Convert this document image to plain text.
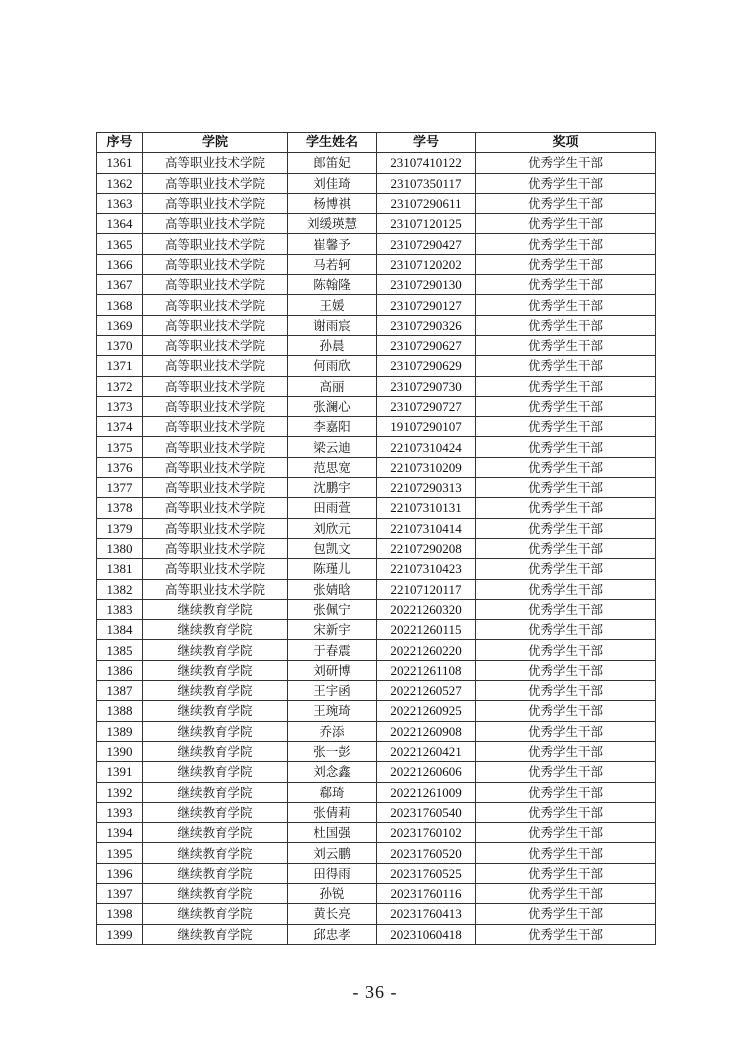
序号	学院	学生姓名	学号	奖项
1361	高等职业技术学院	郎笛妃	23107410122	优秀学生干部
1362	高等职业技术学院	刘佳琦	23107350117	优秀学生干部
1363	高等职业技术学院	杨博祺	23107290611	优秀学生干部
1364	高等职业技术学院	刘缓瑛慧	23107120125	优秀学生干部
1365	高等职业技术学院	崔馨予	23107290427	优秀学生干部
1366	高等职业技术学院	马若轲	23107120202	优秀学生干部
1367	高等职业技术学院	陈翰隆	23107290130	优秀学生干部
1368	高等职业技术学院	王媛	23107290127	优秀学生干部
1369	高等职业技术学院	谢雨宸	23107290326	优秀学生干部
1370	高等职业技术学院	孙晨	23107290627	优秀学生干部
1371	高等职业技术学院	何雨欣	23107290629	优秀学生干部
1372	高等职业技术学院	高丽	23107290730	优秀学生干部
1373	高等职业技术学院	张澜心	23107290727	优秀学生干部
1374	高等职业技术学院	李嘉阳	19107290107	优秀学生干部
1375	高等职业技术学院	梁云迪	22107310424	优秀学生干部
1376	高等职业技术学院	范思宽	22107310209	优秀学生干部
1377	高等职业技术学院	沈鹏宇	22107290313	优秀学生干部
1378	高等职业技术学院	田雨萱	22107310131	优秀学生干部
1379	高等职业技术学院	刘欣元	22107310414	优秀学生干部
1380	高等职业技术学院	包凯文	22107290208	优秀学生干部
1381	高等职业技术学院	陈瑾儿	22107310423	优秀学生干部
1382	高等职业技术学院	张婧晗	22107120117	优秀学生干部
1383	继续教育学院	张佩宁	20221260320	优秀学生干部
1384	继续教育学院	宋新宇	20221260115	优秀学生干部
1385	继续教育学院	于春震	20221260220	优秀学生干部
1386	继续教育学院	刘研博	20221261108	优秀学生干部
1387	继续教育学院	王宇函	20221260527	优秀学生干部
1388	继续教育学院	王琬琦	20221260925	优秀学生干部
1389	继续教育学院	乔添	20221260908	优秀学生干部
1390	继续教育学院	张一彭	20221260421	优秀学生干部
1391	继续教育学院	刘念鑫	20221260606	优秀学生干部
1392	继续教育学院	郗琦	20221261009	优秀学生干部
1393	继续教育学院	张倩莉	20231760540	优秀学生干部
1394	继续教育学院	杜国强	20231760102	优秀学生干部
1395	继续教育学院	刘云鹏	20231760520	优秀学生干部
1396	继续教育学院	田得雨	20231760525	优秀学生干部
1397	继续教育学院	孙锐	20231760116	优秀学生干部
1398	继续教育学院	黄长亮	20231760413	优秀学生干部
1399	继续教育学院	邱忠孝	20231060418	优秀学生干部
- 36 -
